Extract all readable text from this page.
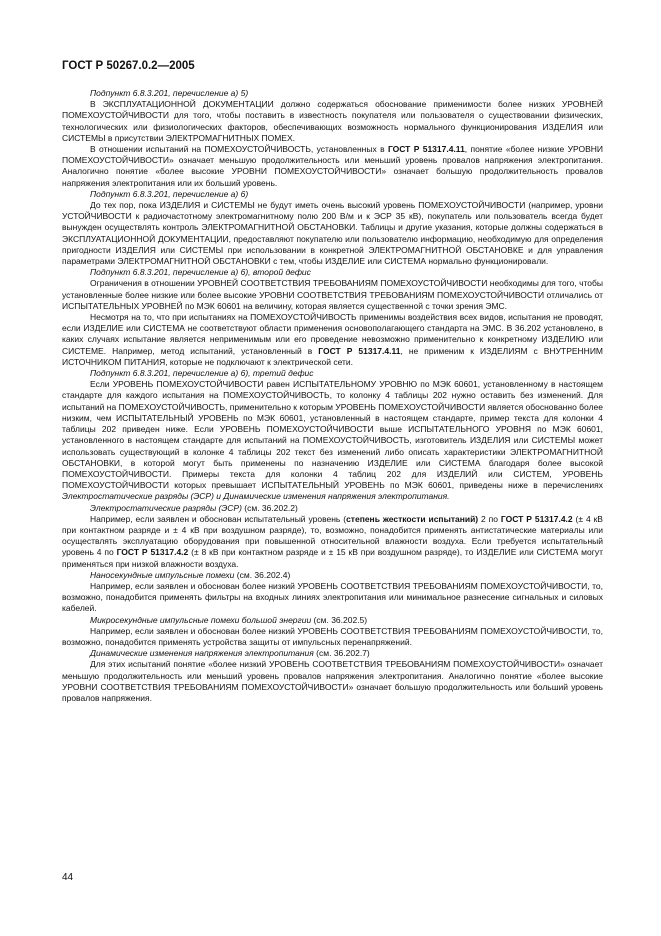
ГОСТ Р 50267.0.2—2005

Подпункт 6.8.3.201, перечисление а) 5)

В ЭКСПЛУАТАЦИОННОЙ ДОКУМЕНТАЦИИ должно содержаться обоснование применимости более низких УРОВНЕЙ ПОМЕХОУСТОЙЧИВОСТИ для того, чтобы поставить в известность покупателя или пользователя о существовании физических, технологических или физиологических факторов, обеспечивающих возможность нормального функционирования ИЗДЕЛИЯ или СИСТЕМЫ в присутствии ЭЛЕКТРОМАГНИТНЫХ ПОМЕХ.

В отношении испытаний на ПОМЕХОУСТОЙЧИВОСТЬ, установленных в ГОСТ Р 51317.4.11, понятие «более низкие УРОВНИ ПОМЕХОУСТОЙЧИВОСТИ» означает меньшую продолжительность или меньший уровень провалов напряжения электропитания. Аналогично понятие «более высокие УРОВНИ ПОМЕХОУСТОЙЧИВОСТИ» означает большую продолжительность провалов напряжения электропитания или их больший уровень.

Подпункт 6.8.3.201, перечисление а) 6)

До тех пор, пока ИЗДЕЛИЯ и СИСТЕМЫ не будут иметь очень высокий уровень ПОМЕХОУСТОЙЧИВОСТИ (например, уровни УСТОЙЧИВОСТИ к радиочастотному электромагнитному полю 200 В/м и к ЭСР 35 кВ), покупатель или пользователь всегда будет вынужден осуществлять контроль ЭЛЕКТРОМАГНИТНОЙ ОБСТАНОВКИ. Таблицы и другие указания, которые должны содержаться в ЭКСПЛУАТАЦИОННОЙ ДОКУМЕНТАЦИИ, предоставляют покупателю или пользователю информацию, необходимую для определения пригодности ИЗДЕЛИЯ или СИСТЕМЫ при использовании в конкретной ЭЛЕКТРОМАГНИТНОЙ ОБСТАНОВКЕ и для управления параметрами ЭЛЕКТРОМАГНИТНОЙ ОБСТАНОВКИ с тем, чтобы ИЗДЕЛИЕ или СИСТЕМА нормально функционировали.

Подпункт 6.8.3.201, перечисление а) 6), второй дефис

Ограничения в отношении УРОВНЕЙ СООТВЕТСТВИЯ ТРЕБОВАНИЯМ ПОМЕХОУСТОЙЧИВОСТИ необходимы для того, чтобы установленные более низкие или более высокие УРОВНИ СООТВЕТСТВИЯ ТРЕБОВАНИЯМ ПОМЕХОУСТОЙЧИВОСТИ отличались от ИСПЫТАТЕЛЬНЫХ УРОВНЕЙ по МЭК 60601 на величину, которая является существенной с точки зрения ЭМС.

Несмотря на то, что при испытаниях на ПОМЕХОУСТОЙЧИВОСТЬ применимы воздействия всех видов, испытания не проводят, если ИЗДЕЛИЕ или СИСТЕМА не соответствуют области применения основополагающего стандарта на ЭМС. В 36.202 установлено, в каких случаях испытание является неприменимым или его проведение невозможно применительно к конкретному ИЗДЕЛИЮ или СИСТЕМЕ. Например, метод испытаний, установленный в ГОСТ Р 51317.4.11, не применим к ИЗДЕЛИЯМ с ВНУТРЕННИМ ИСТОЧНИКОМ ПИТАНИЯ, которые не подключают к электрической сети.

Подпункт 6.8.3.201, перечисление а) 6), третий дефис

Если УРОВЕНЬ ПОМЕХОУСТОЙЧИВОСТИ равен ИСПЫТАТЕЛЬНОМУ УРОВНЮ по МЭК 60601, установленному в настоящем стандарте для каждого испытания на ПОМЕХОУСТОЙЧИВОСТЬ, то колонку 4 таблицы 202 нужно оставить без изменений. Для испытаний на ПОМЕХОУСТОЙЧИВОСТЬ, применительно к которым УРОВЕНЬ ПОМЕХОУСТОЙЧИВОСТИ является обоснованно более низким, чем ИСПЫТАТЕЛЬНЫЙ УРОВЕНЬ по МЭК 60601, установленный в настоящем стандарте, пример текста для колонки 4 таблицы 202 приведен ниже. Если УРОВЕНЬ ПОМЕХОУСТОЙЧИВОСТИ выше ИСПЫТАТЕЛЬНОГО УРОВНЯ по МЭК 60601, установленного в настоящем стандарте для испытаний на ПОМЕХОУСТОЙЧИВОСТЬ, изготовитель ИЗДЕЛИЯ или СИСТЕМЫ может использовать существующий в колонке 4 таблицы 202 текст без изменений либо описать характеристики ЭЛЕКТРОМАГНИТНОЙ ОБСТАНОВКИ, в которой могут быть применены по назначению ИЗДЕЛИЕ или СИСТЕМА благодаря более высокой ПОМЕХОУСТОЙЧИВОСТИ. Примеры текста для колонки 4 таблиц 202 для ИЗДЕЛИЙ или СИСТЕМ, УРОВЕНЬ ПОМЕХОУСТОЙЧИВОСТИ которых превышает ИСПЫТАТЕЛЬНЫЙ УРОВЕНЬ по МЭК 60601, приведены ниже в перечислениях Электростатические разряды (ЭСР) и Динамические изменения напряжения электропитания.

Электростатические разряды (ЭСР) (см. 36.202.2)

Например, если заявлен и обоснован испытательный уровень (степень жесткости испытаний) 2 по ГОСТ Р 51317.4.2 (± 4 кВ при контактном разряде и ± 4 кВ при воздушном разряде), то, возможно, понадобится применять антистатические материалы или осуществлять эксплуатацию оборудования при повышенной относительной влажности воздуха. Если требуется испытательный уровень 4 по ГОСТ Р 51317.4.2 (± 8 кВ при контактном разряде и ± 15 кВ при воздушном разряде), то ИЗДЕЛИЕ или СИСТЕМА могут применяться при низкой влажности воздуха.

Наносекундные импульсные помехи (см. 36.202.4)

Например, если заявлен и обоснован более низкий УРОВЕНЬ СООТВЕТСТВИЯ ТРЕБОВАНИЯМ ПОМЕХОУСТОЙЧИВОСТИ, то, возможно, понадобится применять фильтры на входных линиях электропитания или минимальное разнесение сигнальных и силовых кабелей.

Микросекундные импульсные помехи большой энергии (см. 36.202.5)

Например, если заявлен и обоснован более низкий УРОВЕНЬ СООТВЕТСТВИЯ ТРЕБОВАНИЯМ ПОМЕХОУСТОЙЧИВОСТИ, то, возможно, понадобится применять устройства защиты от импульсных перенапряжений.

Динамические изменения напряжения электропитания (см. 36.202.7)

Для этих испытаний понятие «более низкий УРОВЕНЬ СООТВЕТСТВИЯ ТРЕБОВАНИЯМ ПОМЕХОУСТОЙЧИВОСТИ» означает меньшую продолжительность или меньший уровень провалов напряжения электропитания. Аналогично понятие «более высокие УРОВНИ СООТВЕТСТВИЯ ТРЕБОВАНИЯМ ПОМЕХОУСТОЙЧИВОСТИ» означает большую продолжительность или больший уровень провалов напряжения.

44
